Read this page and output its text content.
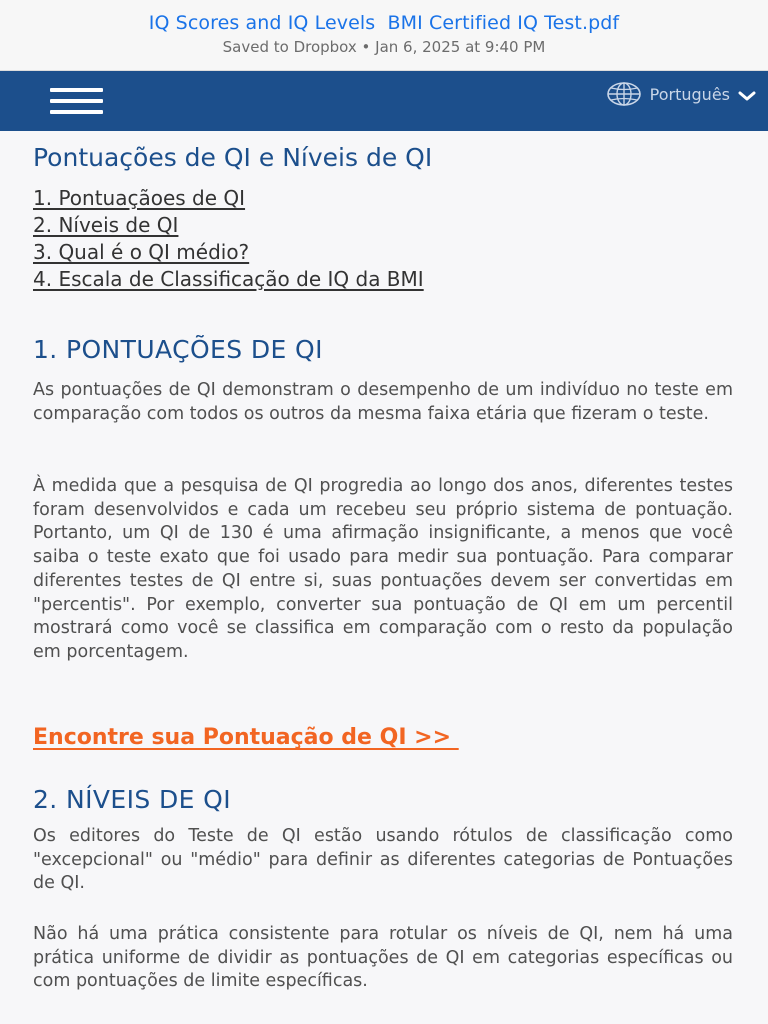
IQ Scores and IQ Levels  BMI Certified IQ Test.pdf
Saved to Dropbox • Jan 6, 2025 at 9:40 PM
Português
Pontuações de QI e Níveis de QI
1. Pontuaçãoes de QI
2. Níveis de QI
3. Qual é o QI médio?
4. Escala de Classificação de IQ da BMI
1. PONTUAÇÕES DE QI

As pontuações de QI demonstram o desempenho de um indivíduo no teste em comparação com todos os outros da mesma faixa etária que fizeram o teste.

À medida que a pesquisa de QI progredia ao longo dos anos, diferentes testes foram desenvolvidos e cada um recebeu seu próprio sistema de pontuação. Portanto, um QI de 130 é uma afirmação insignificante, a menos que você saiba o teste exato que foi usado para medir sua pontuação. Para comparar diferentes testes de QI entre si, suas pontuações devem ser convertidas em "percentis". Por exemplo, converter sua pontuação de QI em um percentil mostrará como você se classifica em comparação com o resto da população em porcentagem.

Encontre sua Pontuação de QI >>
2. NÍVEIS DE QI

Os editores do Teste de QI estão usando rótulos de classificação como "excepcional" ou "médio" para definir as diferentes categorias de Pontuações de QI.

Não há uma prática consistente para rotular os níveis de QI, nem há uma prática uniforme de dividir as pontuações de QI em categorias específicas ou com pontuações de limite específicas.
